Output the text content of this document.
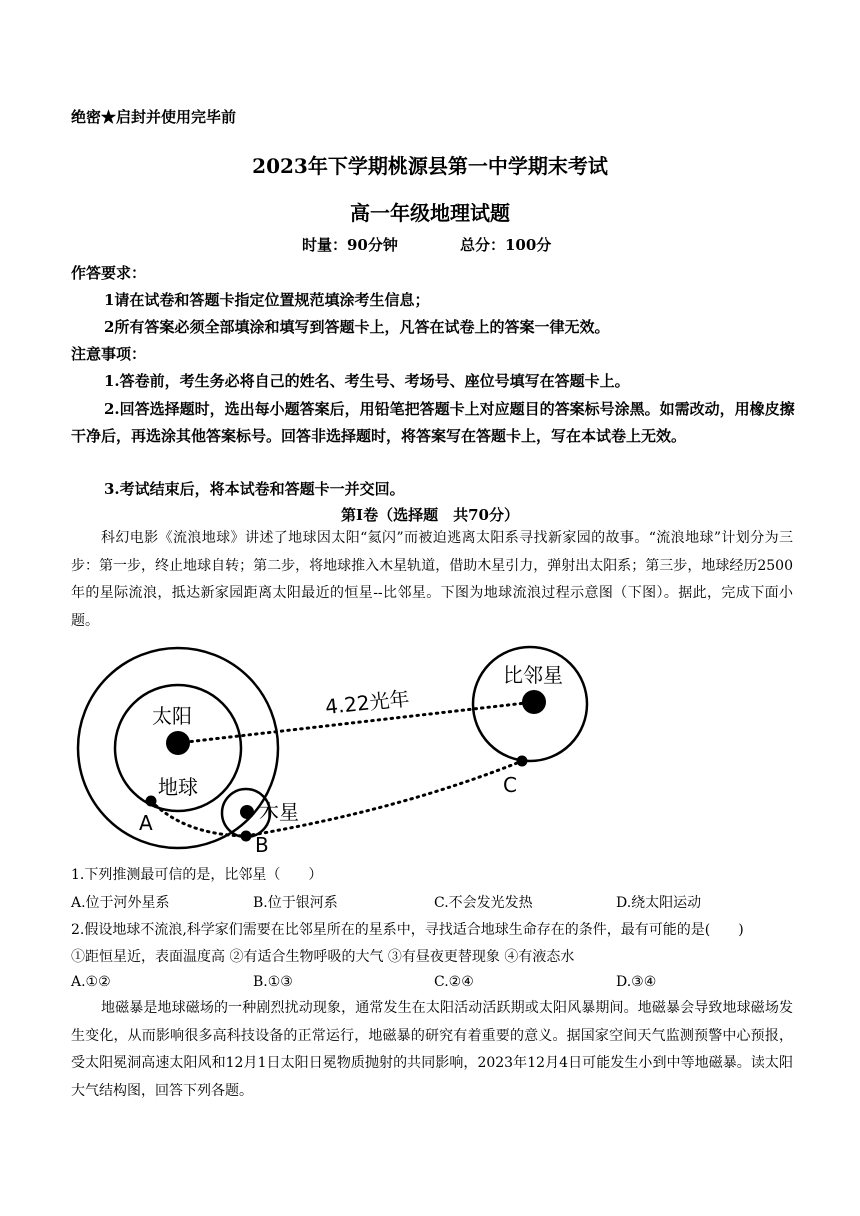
绝密★启封并使用完毕前
2023年下学期桃源县第一中学期末考试
高一年级地理试题
时量：90分钟	总分：100分
作答要求：
1请在试卷和答题卡指定位置规范填涂考生信息；
2所有答案必须全部填涂和填写到答题卡上，凡答在试卷上的答案一律无效。
注意事项：
1.答卷前，考生务必将自己的姓名、考生号、考场号、座位号填写在答题卡上。
2.回答选择题时，选出每小题答案后，用铅笔把答题卡上对应题目的答案标号涂黑。如需改动，用橡皮擦干净后，再选涂其他答案标号。回答非选择题时，将答案写在答题卡上，写在本试卷上无效。
3.考试结束后，将本试卷和答题卡一并交回。
第Ⅰ卷（选择题　共70分）
科幻电影《流浪地球》讲述了地球因太阳“氦闪”而被迫逃离太阳系寻找新家园的故事。“流浪地球”计划分为三步：第一步，终止地球自转；第二步，将地球推入木星轨道，借助木星引力，弹射出太阳系；第三步，地球经历2500年的星际流浪，抵达新家园距离太阳最近的恒星--比邻星。下图为地球流浪过程示意图（下图）。据此，完成下面小题。
太阳
地球
木星
比邻星
4.22光年
A
B
C
1.下列推测最可信的是，比邻星（　　）
A.位于河外星系	B.位于银河系	C.不会发光发热	D.绕太阳运动
2.假设地球不流浪,科学家们需要在比邻星所在的星系中，寻找适合地球生命存在的条件，最有可能的是(　　)
①距恒星近，表面温度高 ②有适合生物呼吸的大气 ③有昼夜更替现象 ④有液态水
A.①②	B.①③	C.②④	D.③④
地磁暴是地球磁场的一种剧烈扰动现象，通常发生在太阳活动活跃期或太阳风暴期间。地磁暴会导致地球磁场发生变化，从而影响很多高科技设备的正常运行，地磁暴的研究有着重要的意义。据国家空间天气监测预警中心预报，受太阳冕洞高速太阳风和12月1日太阳日冕物质抛射的共同影响，2023年12月4日可能发生小到中等地磁暴。读太阳大气结构图，回答下列各题。
